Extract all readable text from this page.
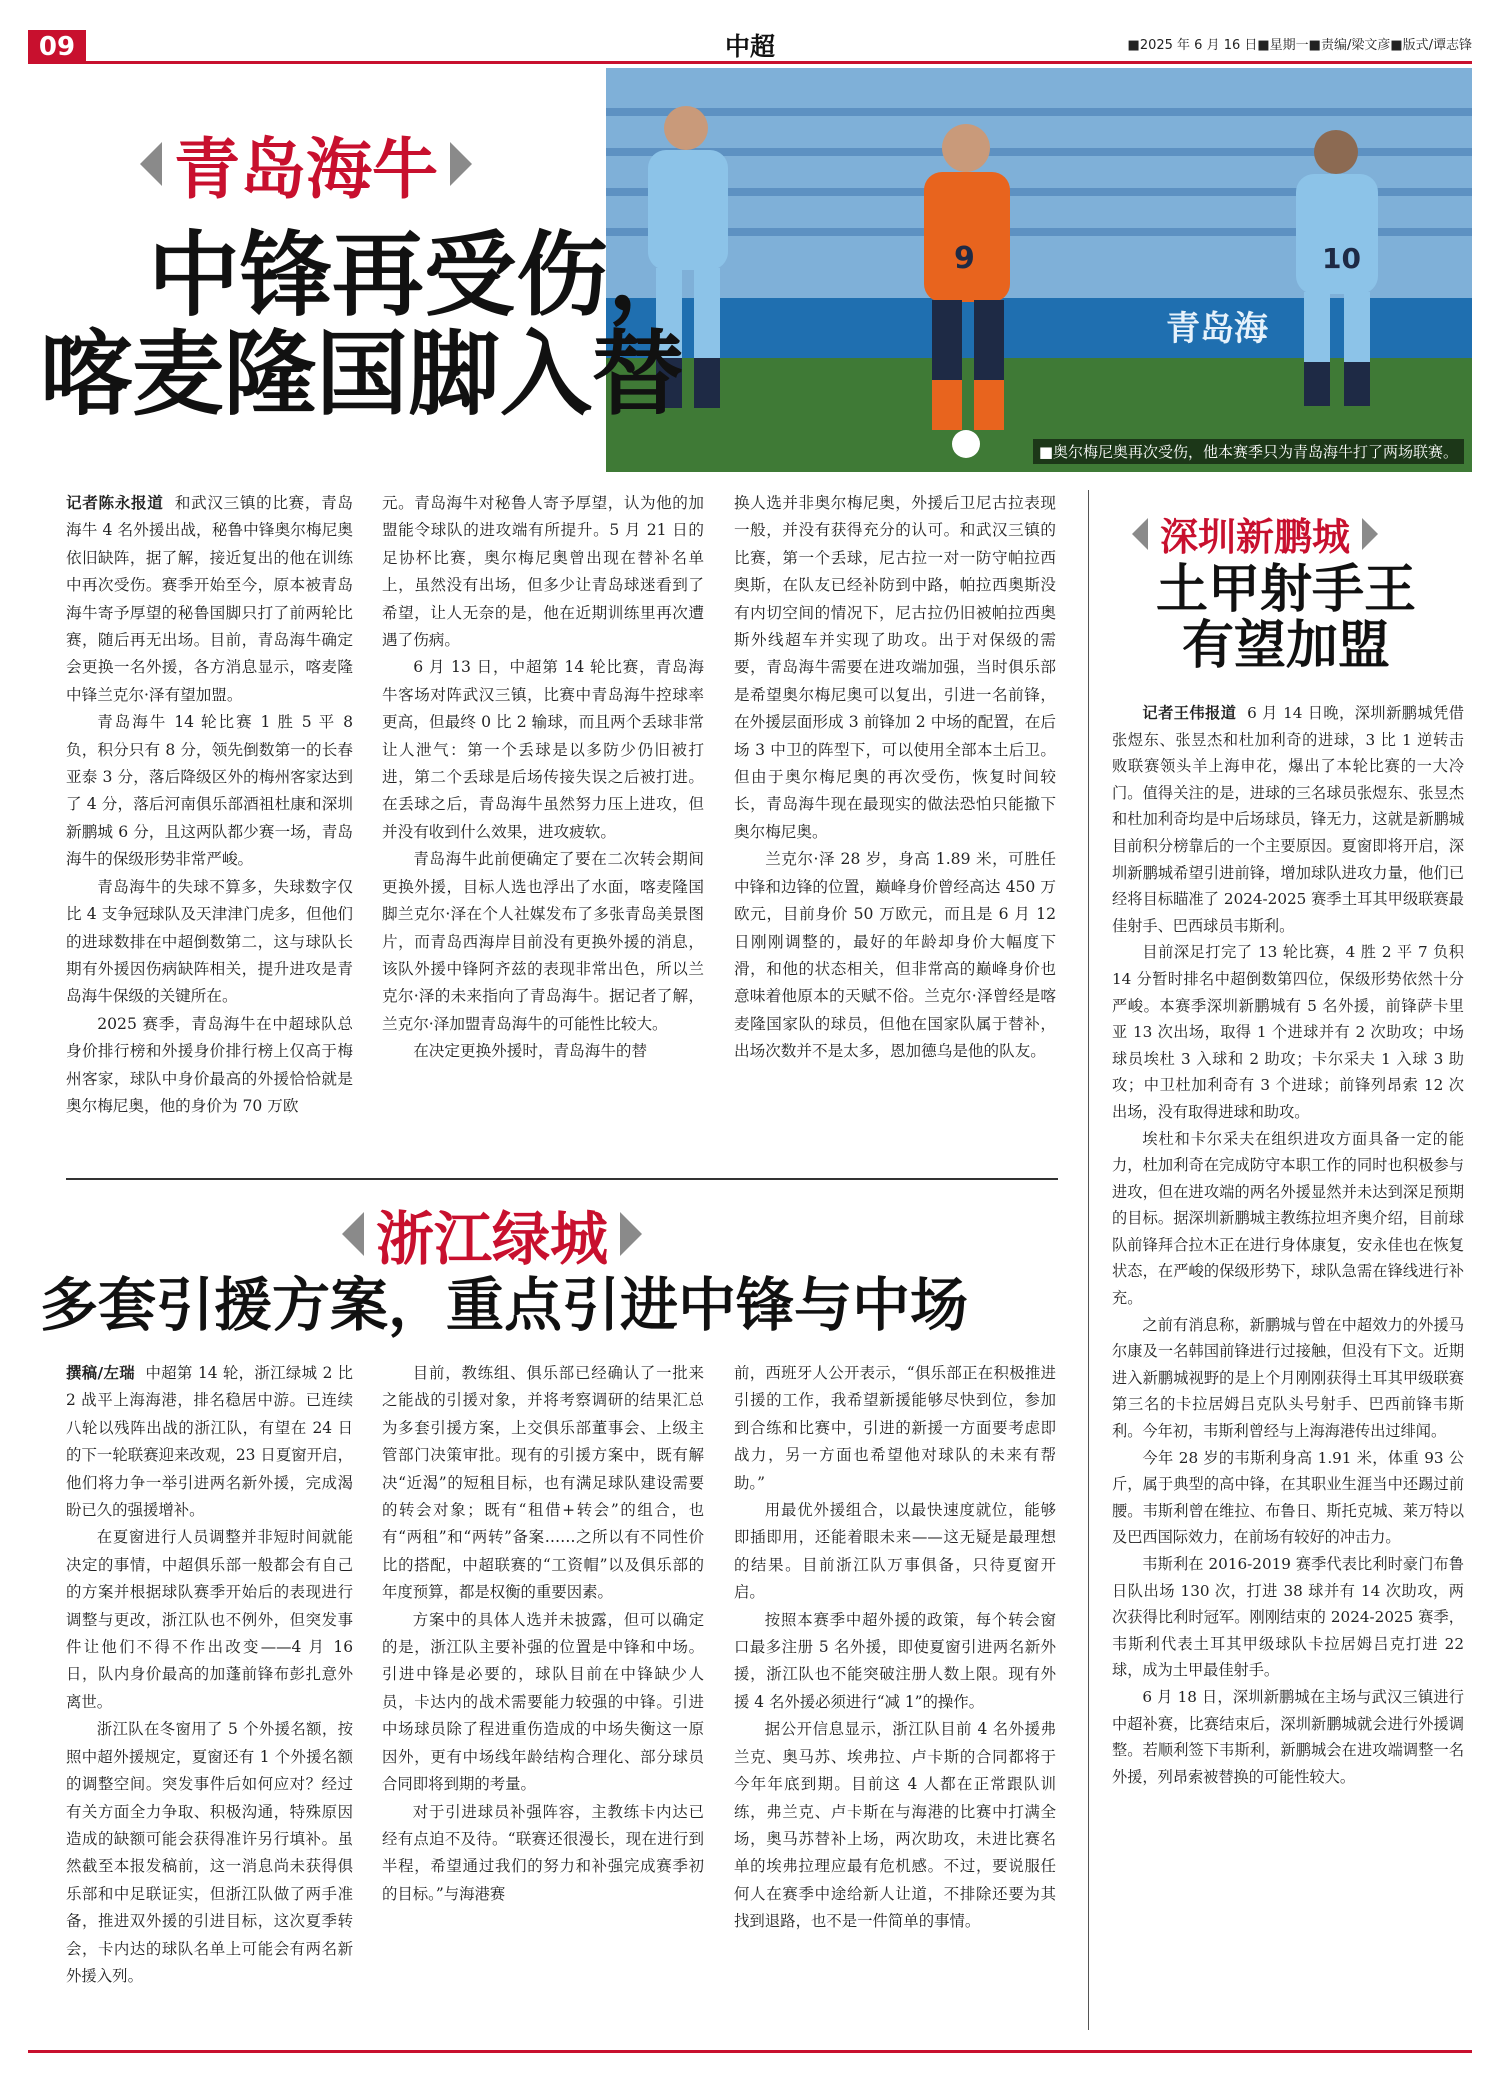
09	中超	■2025 年 6 月 16 日■星期一■责编/梁文彦■版式/谭志锋
青岛海
9	10
■奥尔梅尼奥再次受伤，他本赛季只为青岛海牛打了两场联赛。
青岛海牛
中锋再受伤，
喀麦隆国脚入替

记者陈永报道 和武汉三镇的比赛，青岛海牛 4 名外援出战，秘鲁中锋奥尔梅尼奥依旧缺阵，据了解，接近复出的他在训练中再次受伤。赛季开始至今，原本被青岛海牛寄予厚望的秘鲁国脚只打了前两轮比赛，随后再无出场。目前，青岛海牛确定会更换一名外援，各方消息显示，喀麦隆中锋兰克尔·泽有望加盟。

青岛海牛 14 轮比赛 1 胜 5 平 8 负，积分只有 8 分，领先倒数第一的长春亚泰 3 分，落后降级区外的梅州客家达到了 4 分，落后河南俱乐部酒祖杜康和深圳新鹏城 6 分，且这两队都少赛一场，青岛海牛的保级形势非常严峻。

青岛海牛的失球不算多，失球数字仅比 4 支争冠球队及天津津门虎多，但他们的进球数排在中超倒数第二，这与球队长期有外援因伤病缺阵相关，提升进攻是青岛海牛保级的关键所在。

2025 赛季，青岛海牛在中超球队总身价排行榜和外援身价排行榜上仅高于梅州客家，球队中身价最高的外援恰恰就是奥尔梅尼奥，他的身价为 70 万欧

元。青岛海牛对秘鲁人寄予厚望，认为他的加盟能令球队的进攻端有所提升。5 月 21 日的足协杯比赛，奥尔梅尼奥曾出现在替补名单上，虽然没有出场，但多少让青岛球迷看到了希望，让人无奈的是，他在近期训练里再次遭遇了伤病。

6 月 13 日，中超第 14 轮比赛，青岛海牛客场对阵武汉三镇，比赛中青岛海牛控球率更高，但最终 0 比 2 输球，而且两个丢球非常让人泄气：第一个丢球是以多防少仍旧被打进，第二个丢球是后场传接失误之后被打进。在丢球之后，青岛海牛虽然努力压上进攻，但并没有收到什么效果，进攻疲软。

青岛海牛此前便确定了要在二次转会期间更换外援，目标人选也浮出了水面，喀麦隆国脚兰克尔·泽在个人社媒发布了多张青岛美景图片，而青岛西海岸目前没有更换外援的消息，该队外援中锋阿齐兹的表现非常出色，所以兰克尔·泽的未来指向了青岛海牛。据记者了解，兰克尔·泽加盟青岛海牛的可能性比较大。

在决定更换外援时，青岛海牛的替

换人选并非奥尔梅尼奥，外援后卫尼古拉表现一般，并没有获得充分的认可。和武汉三镇的比赛，第一个丢球，尼古拉一对一防守帕拉西奥斯，在队友已经补防到中路，帕拉西奥斯没有内切空间的情况下，尼古拉仍旧被帕拉西奥斯外线超车并实现了助攻。出于对保级的需要，青岛海牛需要在进攻端加强，当时俱乐部是希望奥尔梅尼奥可以复出，引进一名前锋，在外援层面形成 3 前锋加 2 中场的配置，在后场 3 中卫的阵型下，可以使用全部本土后卫。但由于奥尔梅尼奥的再次受伤，恢复时间较长，青岛海牛现在最现实的做法恐怕只能撤下奥尔梅尼奥。

兰克尔·泽 28 岁，身高 1.89 米，可胜任中锋和边锋的位置，巅峰身价曾经高达 450 万欧元，目前身价 50 万欧元，而且是 6 月 12 日刚刚调整的，最好的年龄却身价大幅度下滑，和他的状态相关，但非常高的巅峰身价也意味着他原本的天赋不俗。兰克尔·泽曾经是喀麦隆国家队的球员，但他在国家队属于替补，出场次数并不是太多，恩加德乌是他的队友。

深圳新鹏城
土甲射手王
有望加盟

记者王伟报道 6 月 14 日晚，深圳新鹏城凭借张煜东、张昱杰和杜加利奇的进球，3 比 1 逆转击败联赛领头羊上海申花，爆出了本轮比赛的一大冷门。值得关注的是，进球的三名球员张煜东、张昱杰和杜加利奇均是中后场球员，锋无力，这就是新鹏城目前积分榜靠后的一个主要原因。夏窗即将开启，深圳新鹏城希望引进前锋，增加球队进攻力量，他们已经将目标瞄准了 2024-2025 赛季土耳其甲级联赛最佳射手、巴西球员韦斯利。

目前深足打完了 13 轮比赛，4 胜 2 平 7 负积 14 分暂时排名中超倒数第四位，保级形势依然十分严峻。本赛季深圳新鹏城有 5 名外援，前锋萨卡里亚 13 次出场，取得 1 个进球并有 2 次助攻；中场球员埃杜 3 入球和 2 助攻；卡尔采夫 1 入球 3 助攻；中卫杜加利奇有 3 个进球；前锋列昂索 12 次出场，没有取得进球和助攻。

埃杜和卡尔采夫在组织进攻方面具备一定的能力，杜加利奇在完成防守本职工作的同时也积极参与进攻，但在进攻端的两名外援显然并未达到深足预期的目标。据深圳新鹏城主教练拉坦齐奥介绍，目前球队前锋拜合拉木正在进行身体康复，安永佳也在恢复状态，在严峻的保级形势下，球队急需在锋线进行补充。

之前有消息称，新鹏城与曾在中超效力的外援马尔康及一名韩国前锋进行过接触，但没有下文。近期进入新鹏城视野的是上个月刚刚获得土耳其甲级联赛第三名的卡拉居姆吕克队头号射手、巴西前锋韦斯利。今年初，韦斯利曾经与上海海港传出过绯闻。

今年 28 岁的韦斯利身高 1.91 米，体重 93 公斤，属于典型的高中锋，在其职业生涯当中还踢过前腰。韦斯利曾在维拉、布鲁日、斯托克城、莱万特以及巴西国际效力，在前场有较好的冲击力。

韦斯利在 2016-2019 赛季代表比利时豪门布鲁日队出场 130 次，打进 38 球并有 14 次助攻，两次获得比利时冠军。刚刚结束的 2024-2025 赛季，韦斯利代表土耳其甲级球队卡拉居姆吕克打进 22 球，成为土甲最佳射手。

6 月 18 日，深圳新鹏城在主场与武汉三镇进行中超补赛，比赛结束后，深圳新鹏城就会进行外援调整。若顺利签下韦斯利，新鹏城会在进攻端调整一名外援，列昂索被替换的可能性较大。

浙江绿城
多套引援方案，重点引进中锋与中场

撰稿/左瑞 中超第 14 轮，浙江绿城 2 比 2 战平上海海港，排名稳居中游。已连续八轮以残阵出战的浙江队，有望在 24 日的下一轮联赛迎来改观，23 日夏窗开启，他们将力争一举引进两名新外援，完成渴盼已久的强援增补。

在夏窗进行人员调整并非短时间就能决定的事情，中超俱乐部一般都会有自己的方案并根据球队赛季开始后的表现进行调整与更改，浙江队也不例外，但突发事件让他们不得不作出改变——4 月 16 日，队内身价最高的加蓬前锋布彭扎意外离世。

浙江队在冬窗用了 5 个外援名额，按照中超外援规定，夏窗还有 1 个外援名额的调整空间。突发事件后如何应对？经过有关方面全力争取、积极沟通，特殊原因造成的缺额可能会获得准许另行填补。虽然截至本报发稿前，这一消息尚未获得俱乐部和中足联证实，但浙江队做了两手准备，推进双外援的引进目标，这次夏季转会，卡内达的球队名单上可能会有两名新外援入列。

目前，教练组、俱乐部已经确认了一批来之能战的引援对象，并将考察调研的结果汇总为多套引援方案，上交俱乐部董事会、上级主管部门决策审批。现有的引援方案中，既有解决“近渴”的短租目标，也有满足球队建设需要的转会对象；既有“租借+转会”的组合，也有“两租”和“两转”备案……之所以有不同性价比的搭配，中超联赛的“工资帽”以及俱乐部的年度预算，都是权衡的重要因素。

方案中的具体人选并未披露，但可以确定的是，浙江队主要补强的位置是中锋和中场。引进中锋是必要的，球队目前在中锋缺少人员，卡达内的战术需要能力较强的中锋。引进中场球员除了程进重伤造成的中场失衡这一原因外，更有中场线年龄结构合理化、部分球员合同即将到期的考量。

对于引进球员补强阵容，主教练卡内达已经有点迫不及待。“联赛还很漫长，现在进行到半程，希望通过我们的努力和补强完成赛季初的目标。”与海港赛

前，西班牙人公开表示，“俱乐部正在积极推进引援的工作，我希望新援能够尽快到位，参加到合练和比赛中，引进的新援一方面要考虑即战力，另一方面也希望他对球队的未来有帮助。”

用最优外援组合，以最快速度就位，能够即插即用，还能着眼未来——这无疑是最理想的结果。目前浙江队万事俱备，只待夏窗开启。

按照本赛季中超外援的政策，每个转会窗口最多注册 5 名外援，即使夏窗引进两名新外援，浙江队也不能突破注册人数上限。现有外援 4 名外援必须进行“减 1”的操作。

据公开信息显示，浙江队目前 4 名外援弗兰克、奥马苏、埃弗拉、卢卡斯的合同都将于今年年底到期。目前这 4 人都在正常跟队训练，弗兰克、卢卡斯在与海港的比赛中打满全场，奥马苏替补上场，两次助攻，未进比赛名单的埃弗拉理应最有危机感。不过，要说服任何人在赛季中途给新人让道，不排除还要为其找到退路，也不是一件简单的事情。
